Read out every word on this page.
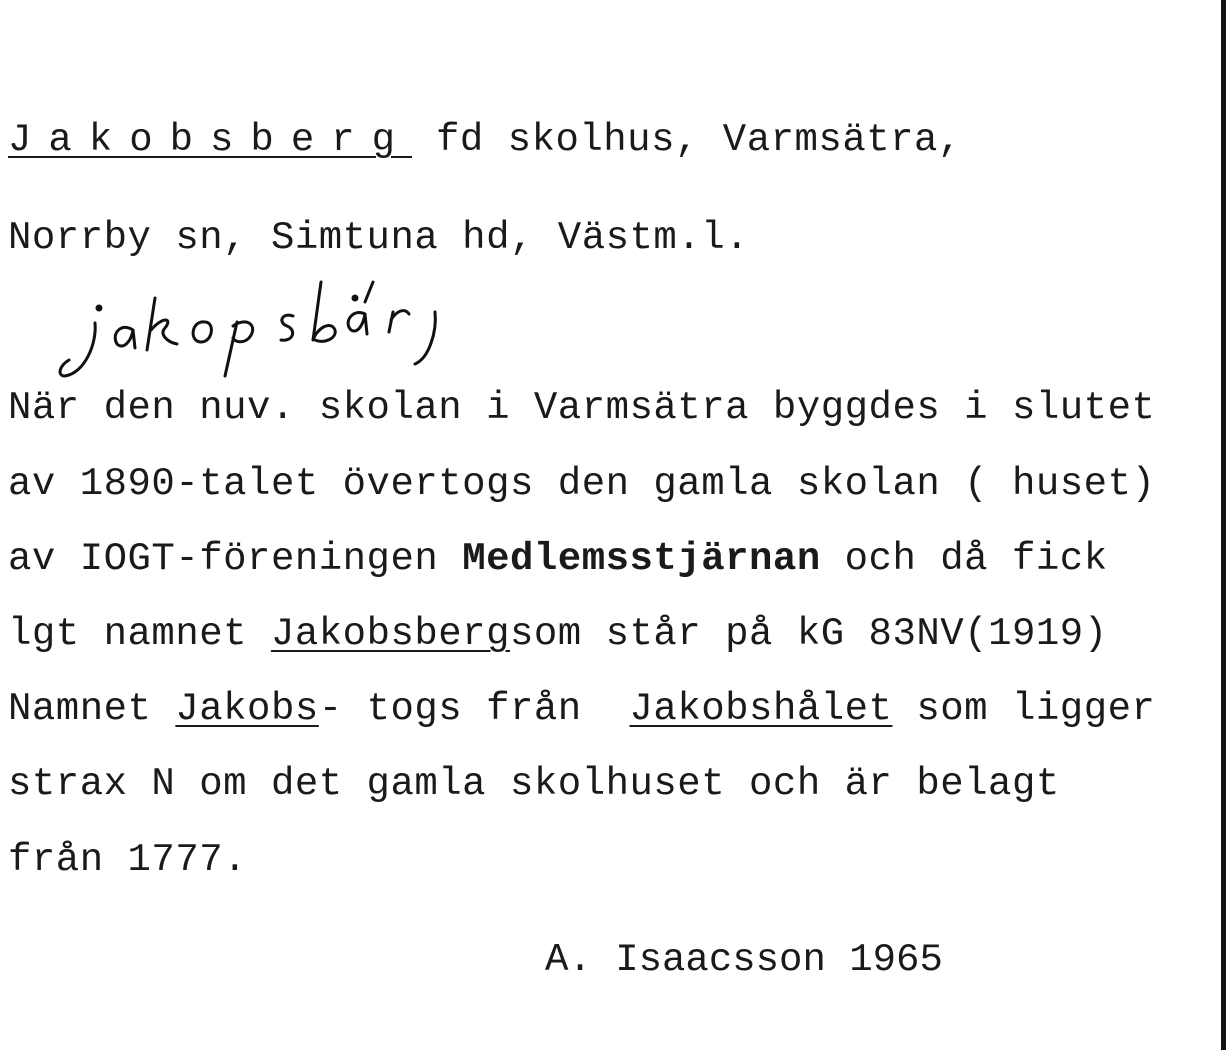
Jakobsberg fd skolhus, Varmsätra,
Norrby sn, Simtuna hd, Västm.l.
När den nuv. skolan i Varmsätra byggdes i slutet
av 1890-talet övertogs den gamla skolan ( huset)
av IOGT-föreningen Medlemsstjärnan och då fick
lgt namnet Jakobsbergsom står på kG 83NV(1919)
Namnet Jakobs- togs från  Jakobshålet som ligger
strax N om det gamla skolhuset och är belagt
från 1777.
A. Isaacsson 1965
